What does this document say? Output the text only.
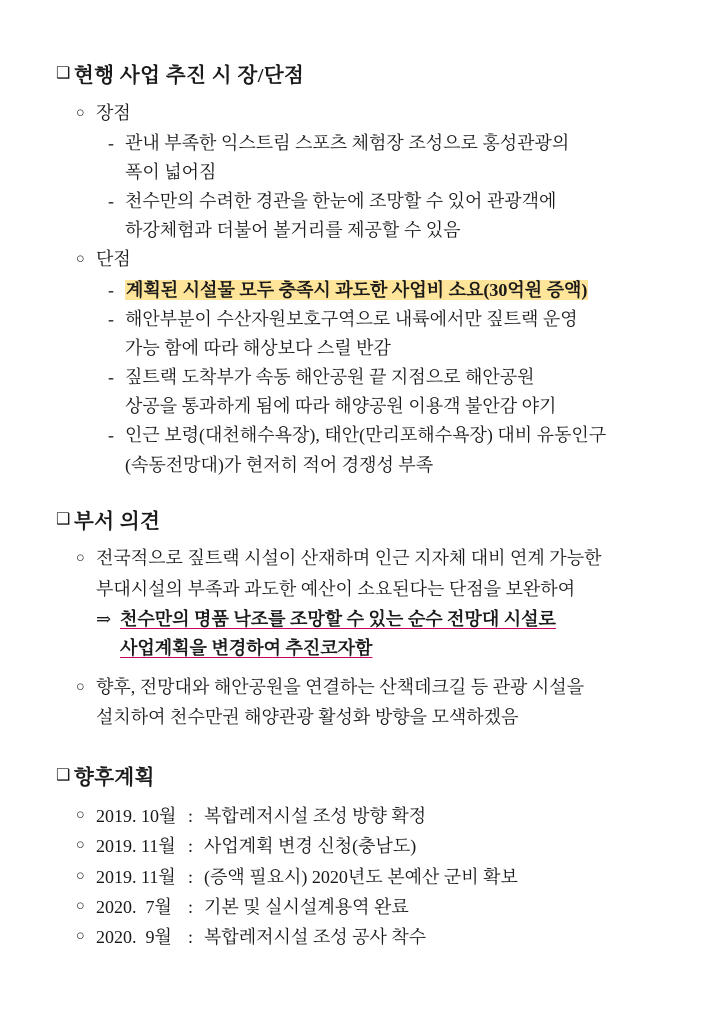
❑ 현행 사업 추진 시 장/단점
○ 장점
- 관내 부족한 익스트림 스포츠 체험장 조성으로 홍성관광의
폭이 넓어짐
- 천수만의 수려한 경관을 한눈에 조망할 수 있어 관광객에
하강체험과 더불어 볼거리를 제공할 수 있음
○ 단점
- 계획된 시설물 모두 충족시 과도한 사업비 소요(30억원 증액)
- 해안부분이 수산자원보호구역으로 내륙에서만 짚트랙 운영
가능 함에 따라 해상보다 스릴 반감
- 짚트랙 도착부가 속동 해안공원 끝 지점으로 해안공원
상공을 통과하게 됨에 따라 해양공원 이용객 불안감 야기
- 인근 보령(대천해수욕장), 태안(만리포해수욕장) 대비 유동인구
(속동전망대)가 현저히 적어 경쟁성 부족
❑ 부서 의견
○ 전국적으로 짚트랙 시설이 산재하며 인근 지자체 대비 연계 가능한
부대시설의 부족과 과도한 예산이 소요된다는 단점을 보완하여
⇒ 천수만의 명품 낙조를 조망할 수 있는 순수 전망대 시설로
사업계획을 변경하여 추진코자함
○ 향후, 전망대와 해안공원을 연결하는 산책데크길 등 관광 시설을
설치하여 천수만권 해양관광 활성화 방향을 모색하겠음
❑ 향후계획
○ 2019. 10월 : 복합레저시설 조성 방향 확정
○ 2019. 11월 : 사업계획 변경 신청(충남도)
○ 2019. 11월 : (증액 필요시) 2020년도 본예산 군비 확보
○ 2020.  7월 : 기본 및 실시설계용역 완료
○ 2020.  9월 : 복합레저시설 조성 공사 착수
